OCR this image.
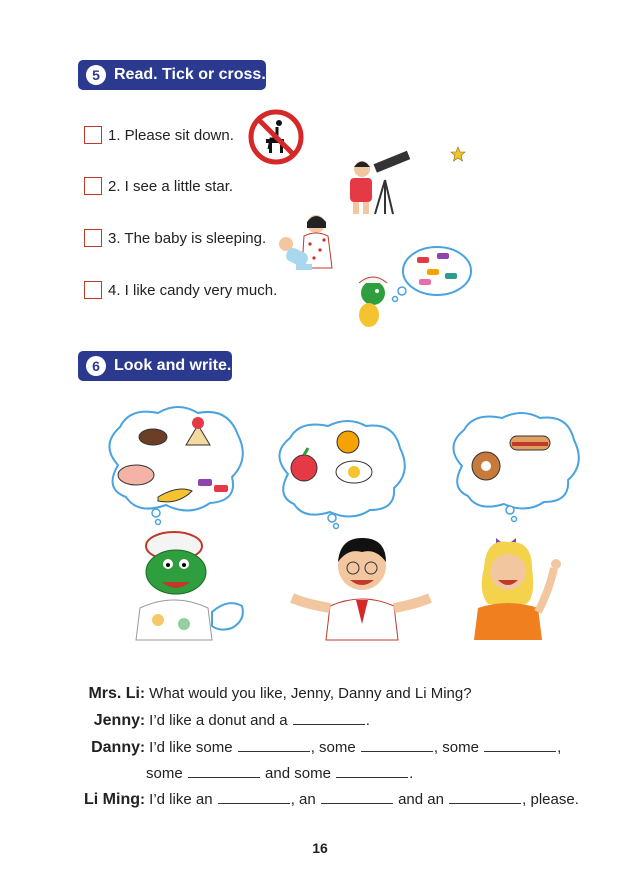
5 Read. Tick or cross.
1. Please sit down.
2. I see a little star.
3. The baby is sleeping.
4. I like candy very much.
6 Look and write.
Mrs. Li: What would you like, Jenny, Danny and Li Ming?
Jenny: I’d like a donut and a	.
Danny: I’d like some	, some	, some	,
some	and some	.
Li Ming: I’d like an	, an	and an	, please.
16
